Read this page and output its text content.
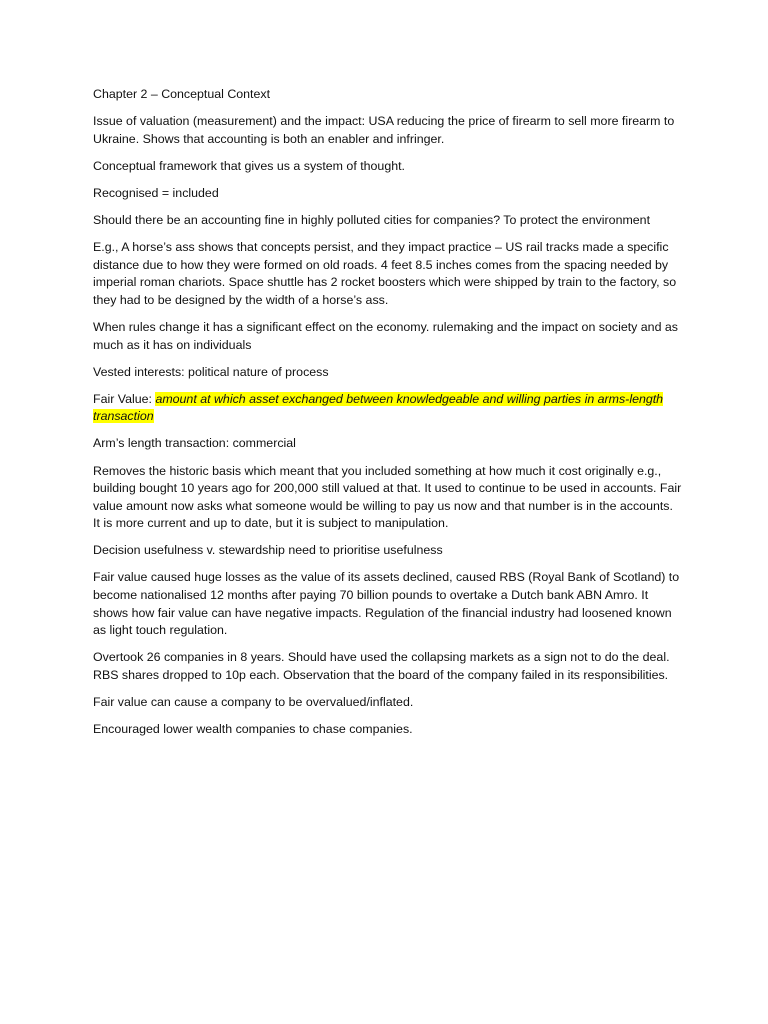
Chapter 2 – Conceptual Context

Issue of valuation (measurement) and the impact: USA reducing the price of firearm to sell more firearm to Ukraine. Shows that accounting is both an enabler and infringer.

Conceptual framework that gives us a system of thought.

Recognised = included

Should there be an accounting fine in highly polluted cities for companies? To protect the environment

E.g., A horse’s ass shows that concepts persist, and they impact practice – US rail tracks made a specific distance due to how they were formed on old roads. 4 feet 8.5 inches comes from the spacing needed by imperial roman chariots. Space shuttle has 2 rocket boosters which were shipped by train to the factory, so they had to be designed by the width of a horse’s ass.

When rules change it has a significant effect on the economy. rulemaking and the impact on society and as much as it has on individuals

Vested interests: political nature of process

Fair Value: amount at which asset exchanged between knowledgeable and willing parties in arms-length transaction

Arm’s length transaction: commercial

Removes the historic basis which meant that you included something at how much it cost originally e.g., building bought 10 years ago for 200,000 still valued at that. It used to continue to be used in accounts. Fair value amount now asks what someone would be willing to pay us now and that number is in the accounts. It is more current and up to date, but it is subject to manipulation.

Decision usefulness v. stewardship need to prioritise usefulness

Fair value caused huge losses as the value of its assets declined, caused RBS (Royal Bank of Scotland) to become nationalised 12 months after paying 70 billion pounds to overtake a Dutch bank ABN Amro. It shows how fair value can have negative impacts. Regulation of the financial industry had loosened known as light touch regulation.

Overtook 26 companies in 8 years. Should have used the collapsing markets as a sign not to do the deal. RBS shares dropped to 10p each. Observation that the board of the company failed in its responsibilities.

Fair value can cause a company to be overvalued/inflated.

Encouraged lower wealth companies to chase companies.
